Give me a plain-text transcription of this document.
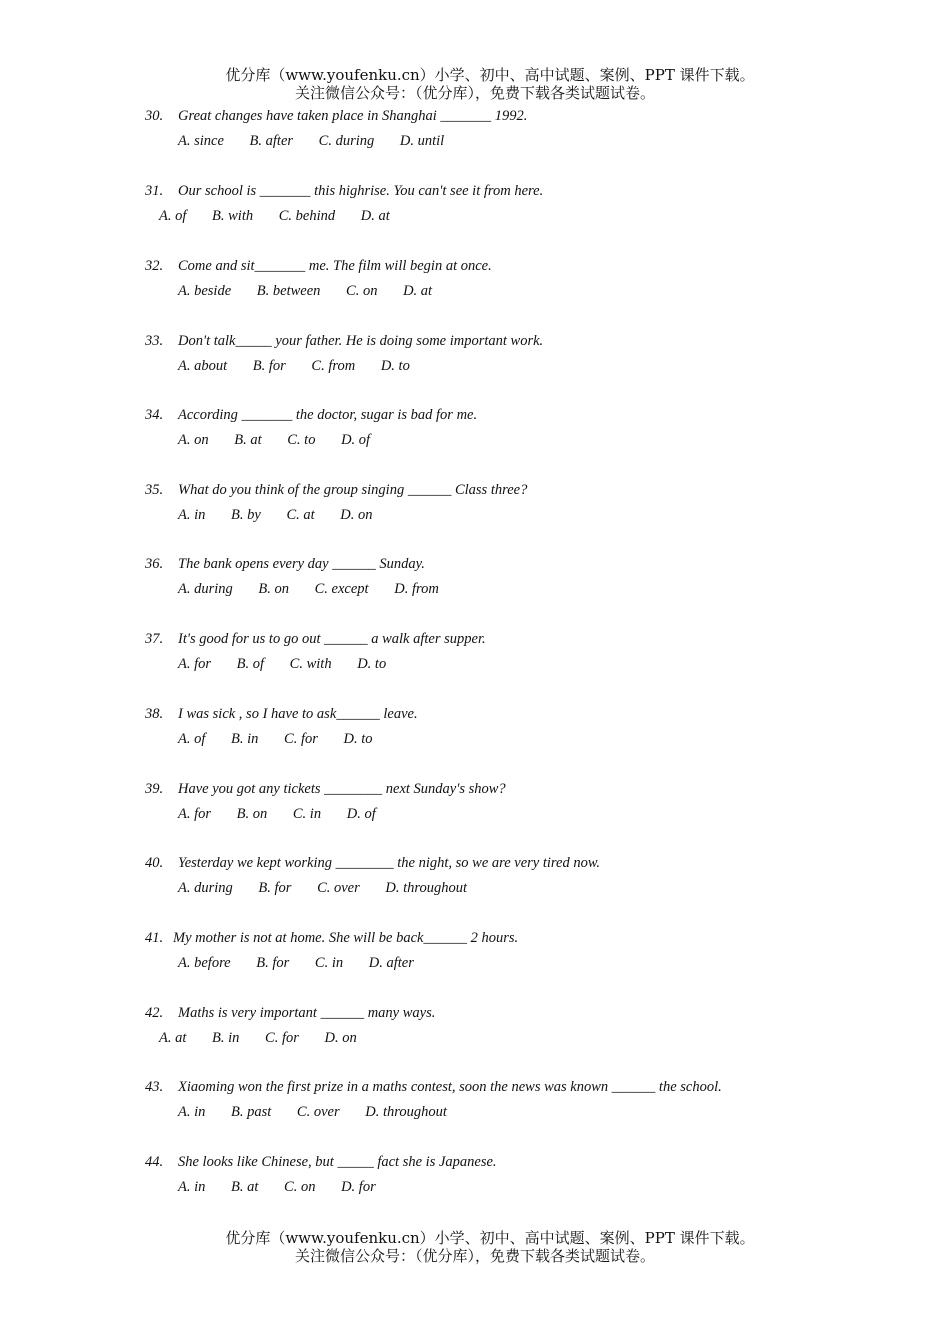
优分库（www.youfenku.cn）小学、初中、高中试题、案例、PPT 课件下载。
关注微信公众号：（优分库），免费下载各类试题试卷。
30. Great changes have taken place in Shanghai _______ 1992.
A. since B. after C. during D. until
31. Our school is _______ this highrise. You can't see it from here.
A. of B. with C. behind D. at
32. Come and sit_______ me. The film will begin at once.
A. beside B. between C. on D. at
33. Don't talk_____ your father. He is doing some important work.
A. about B. for C. from D. to
34. According _______ the doctor, sugar is bad for me.
A. on B. at C. to D. of
35. What do you think of the group singing ______ Class three?
A. in B. by C. at D. on
36. The bank opens every day ______ Sunday.
A. during B. on C. except D. from
37. It's good for us to go out ______ a walk after supper.
A. for B. of C. with D. to
38. I was sick , so I have to ask______ leave.
A. of B. in C. for D. to
39. Have you got any tickets ________ next Sunday's show?
A. for B. on C. in D. of
40. Yesterday we kept working ________ the night, so we are very tired now.
A. during B. for C. over D. throughout
41. My mother is not at home. She will be back______ 2 hours.
A. before B. for C. in D. after
42. Maths is very important ______ many ways.
A. at B. in C. for D. on
43. Xiaoming won the first prize in a maths contest, soon the news was known ______ the school.
A. in B. past C. over D. throughout
44. She looks like Chinese, but _____ fact she is Japanese.
A. in B. at C. on D. for
优分库（www.youfenku.cn）小学、初中、高中试题、案例、PPT 课件下载。
关注微信公众号：（优分库），免费下载各类试题试卷。
